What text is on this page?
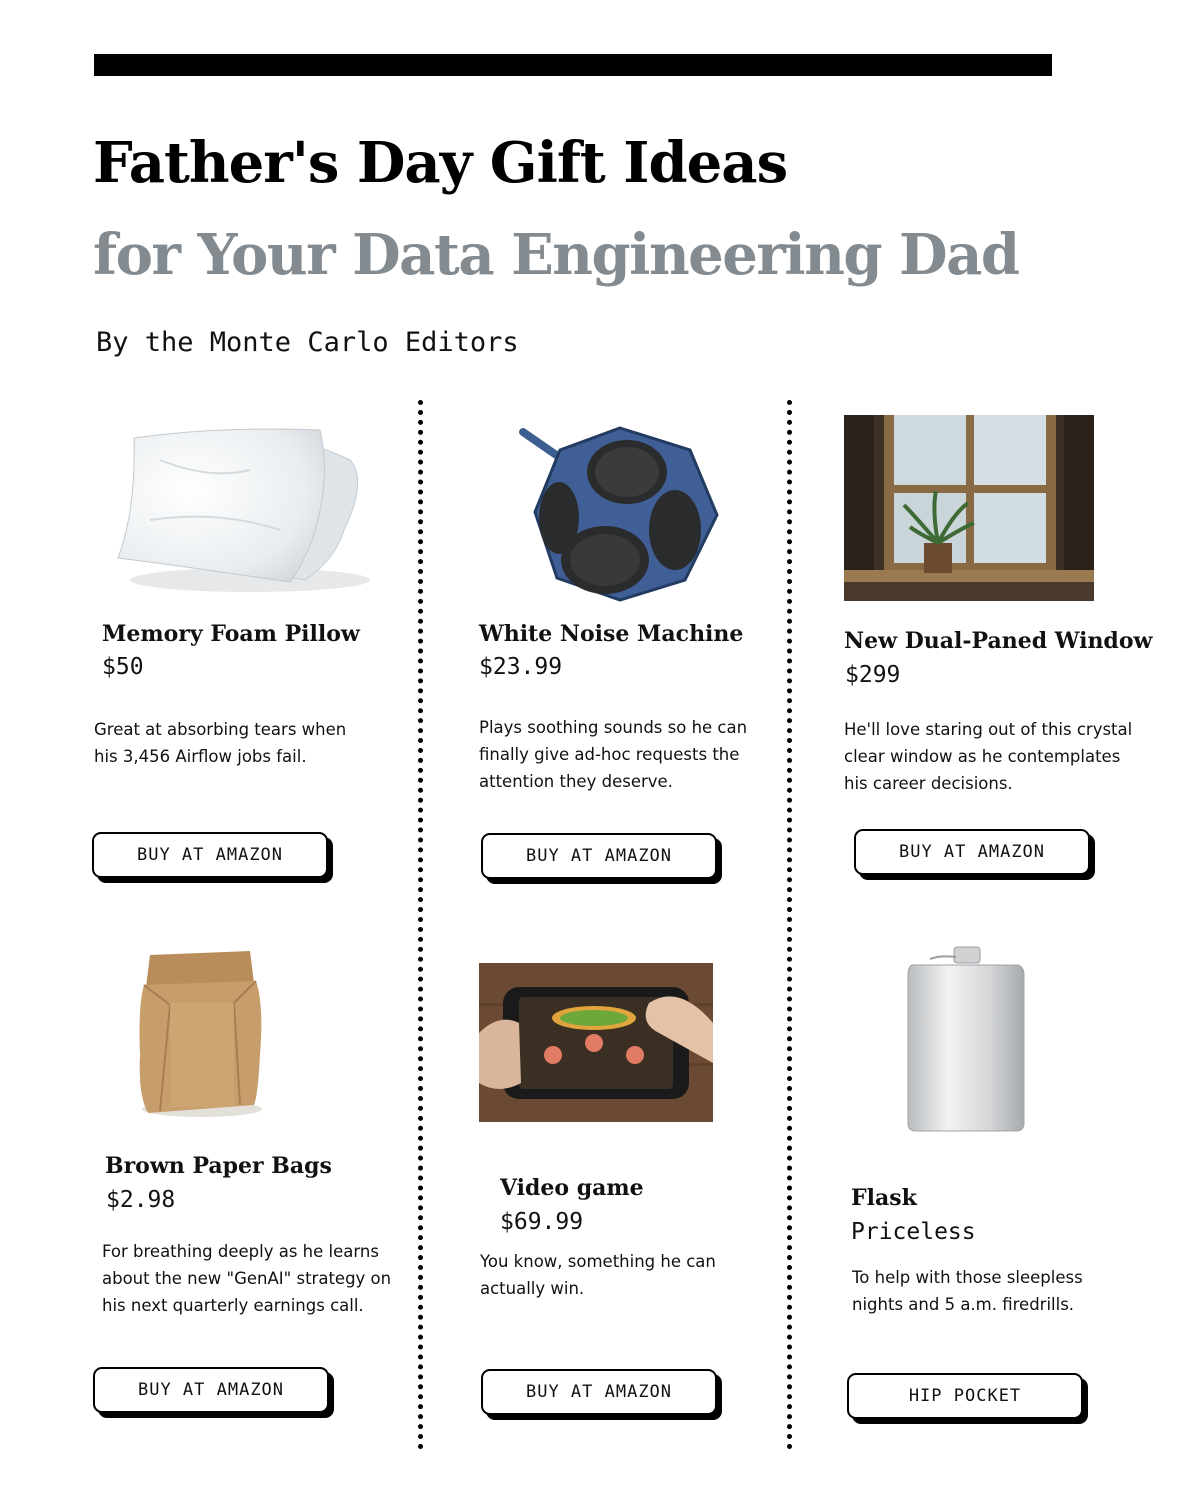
Father's Day Gift Ideas
for Your Data Engineering Dad
By the Monte Carlo Editors
Memory Foam Pillow
$50
Great at absorbing tears when his 3,456 Airflow jobs fail.
BUY AT AMAZON
White Noise Machine
$23.99
Plays soothing sounds so he can finally give ad-hoc requests the attention they deserve.
BUY AT AMAZON
New Dual-Paned Window
$299
He'll love staring out of this crystal clear window as he contemplates his career decisions.
BUY AT AMAZON
Brown Paper Bags
$2.98
For breathing deeply as he learns about the new "GenAI" strategy on his next quarterly earnings call.
BUY AT AMAZON
Video game
$69.99
You know, something he can actually win.
BUY AT AMAZON
Flask
Priceless
To help with those sleepless nights and 5 a.m. firedrills.
HIP POCKET
